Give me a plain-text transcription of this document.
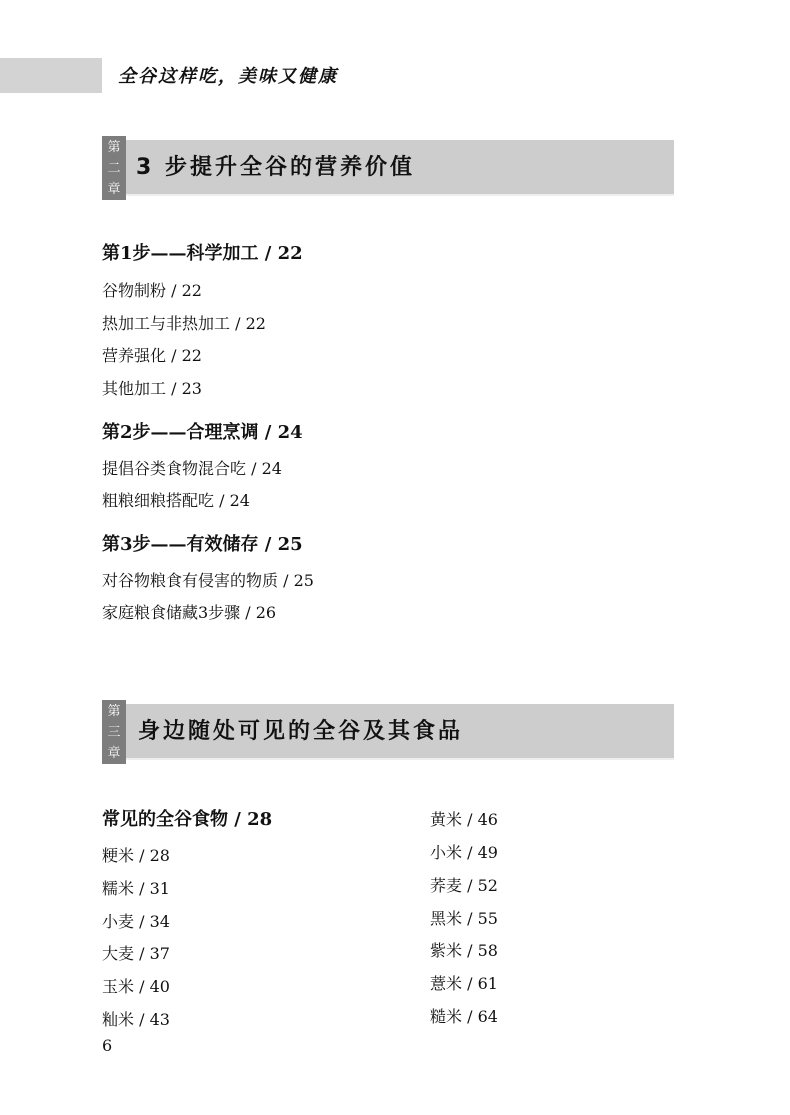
全谷这样吃，美味又健康
第
二
章
3 步提升全谷的营养价值
第1步——科学加工 / 22
谷物制粉 / 22
热加工与非热加工 / 22
营养强化 / 22
其他加工 / 23
第2步——合理烹调 / 24
提倡谷类食物混合吃 / 24
粗粮细粮搭配吃 / 24
第3步——有效储存 / 25
对谷物粮食有侵害的物质 / 25
家庭粮食储藏3步骤 / 26
第
三
章
身边随处可见的全谷及其食品
常见的全谷食物 / 28
粳米 / 28
糯米 / 31
小麦 / 34
大麦 / 37
玉米 / 40
籼米 / 43
黄米 / 46
小米 / 49
荞麦 / 52
黑米 / 55
紫米 / 58
薏米 / 61
糙米 / 64
6
